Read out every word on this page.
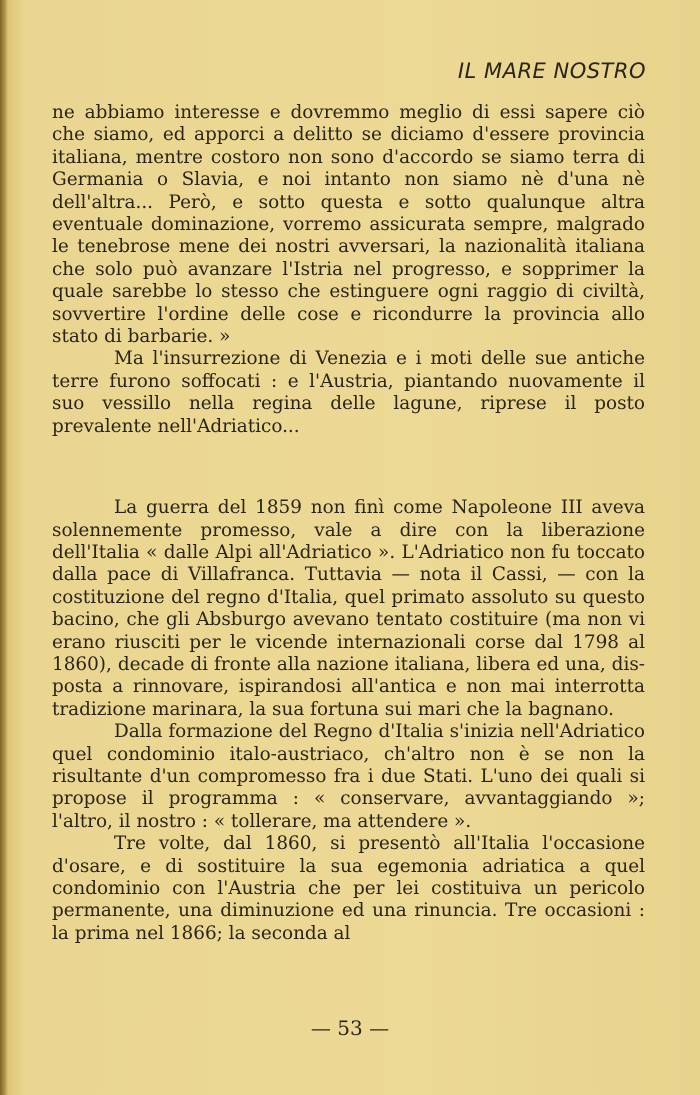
IL MARE NOSTRO

ne abbiamo interesse e dovremmo meglio di essi sapere ciò che siamo, ed apporci a delitto se diciamo d'essere provincia italiana, mentre costoro non sono d'accordo se siamo terra di Germania o Slavia, e noi intanto non siamo nè d'una nè dell'altra... Però, e sotto questa e sotto qualunque altra eventuale dominazione, vorremo assicurata sempre, malgrado le tenebrose mene dei nostri avversari, la nazionalità italiana che solo può avanzare l'Istria nel progresso, e sopprimer la quale sarebbe lo stesso che estinguere ogni raggio di civiltà, sovvertire l'ordine delle cose e ricondurre la provincia allo stato di barbarie. »

Ma l'insurrezione di Venezia e i moti delle sue antiche terre furono soffocati : e l'Austria, piantando nuovamente il suo vessillo nella regina delle lagune, riprese il posto prevalente nell'Adriatico...

La guerra del 1859 non finì come Napoleone III aveva solennemente promesso, vale a dire con la liberazione dell'Italia « dalle Alpi all'Adriatico ». L'Adriatico non fu toccato dalla pace di Villafranca. Tuttavia — nota il Cassi, — con la costituzione del regno d'Italia, quel primato assoluto su questo bacino, che gli Absburgo avevano tentato costituire (ma non vi erano riusciti per le vicende internazionali corse dal 1798 al 1860), decade di fronte alla nazione italiana, libera ed una, disposta a rinnovare, ispirandosi all'antica e non mai interrotta tradizione marinara, la sua fortuna sui mari che la bagnano.

Dalla formazione del Regno d'Italia s'inizia nell'Adriatico quel condominio italo-austriaco, ch'altro non è se non la risultante d'un compromesso fra i due Stati. L'uno dei quali si propose il programma : « conservare, avvantaggiando »; l'altro, il nostro : « tollerare, ma attendere ».

Tre volte, dal 1860, si presentò all'Italia l'occasione d'osare, e di sostituire la sua egemonia adriatica a quel condominio con l'Austria che per lei costituiva un pericolo permanente, una diminuzione ed una rinuncia. Tre occasioni : la prima nel 1866; la seconda al

— 53 —
